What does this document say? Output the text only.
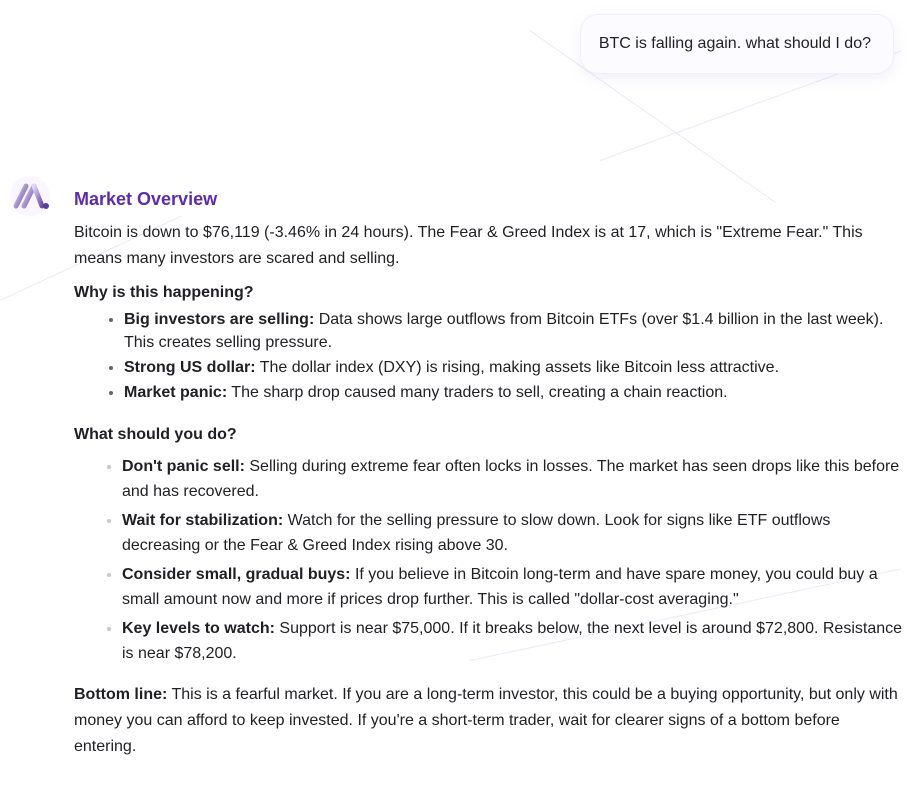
BTC is falling again. what should I do?
Market Overview

Bitcoin is down to $76,119 (-3.46% in 24 hours). The Fear & Greed Index is at 17, which is "Extreme Fear." This means many investors are scared and selling.

Why is this happening?
• Big investors are selling: Data shows large outflows from Bitcoin ETFs (over $1.4 billion in the last week). This creates selling pressure.
• Strong US dollar: The dollar index (DXY) is rising, making assets like Bitcoin less attractive.
• Market panic: The sharp drop caused many traders to sell, creating a chain reaction.
What should you do?
• Don't panic sell: Selling during extreme fear often locks in losses. The market has seen drops like this before and has recovered.
• Wait for stabilization: Watch for the selling pressure to slow down. Look for signs like ETF outflows decreasing or the Fear & Greed Index rising above 30.
• Consider small, gradual buys: If you believe in Bitcoin long-term and have spare money, you could buy a small amount now and more if prices drop further. This is called "dollar-cost averaging."
• Key levels to watch: Support is near $75,000. If it breaks below, the next level is around $72,800. Resistance is near $78,200.

Bottom line: This is a fearful market. If you are a long-term investor, this could be a buying opportunity, but only with money you can afford to keep invested. If you're a short-term trader, wait for clearer signs of a bottom before entering.
